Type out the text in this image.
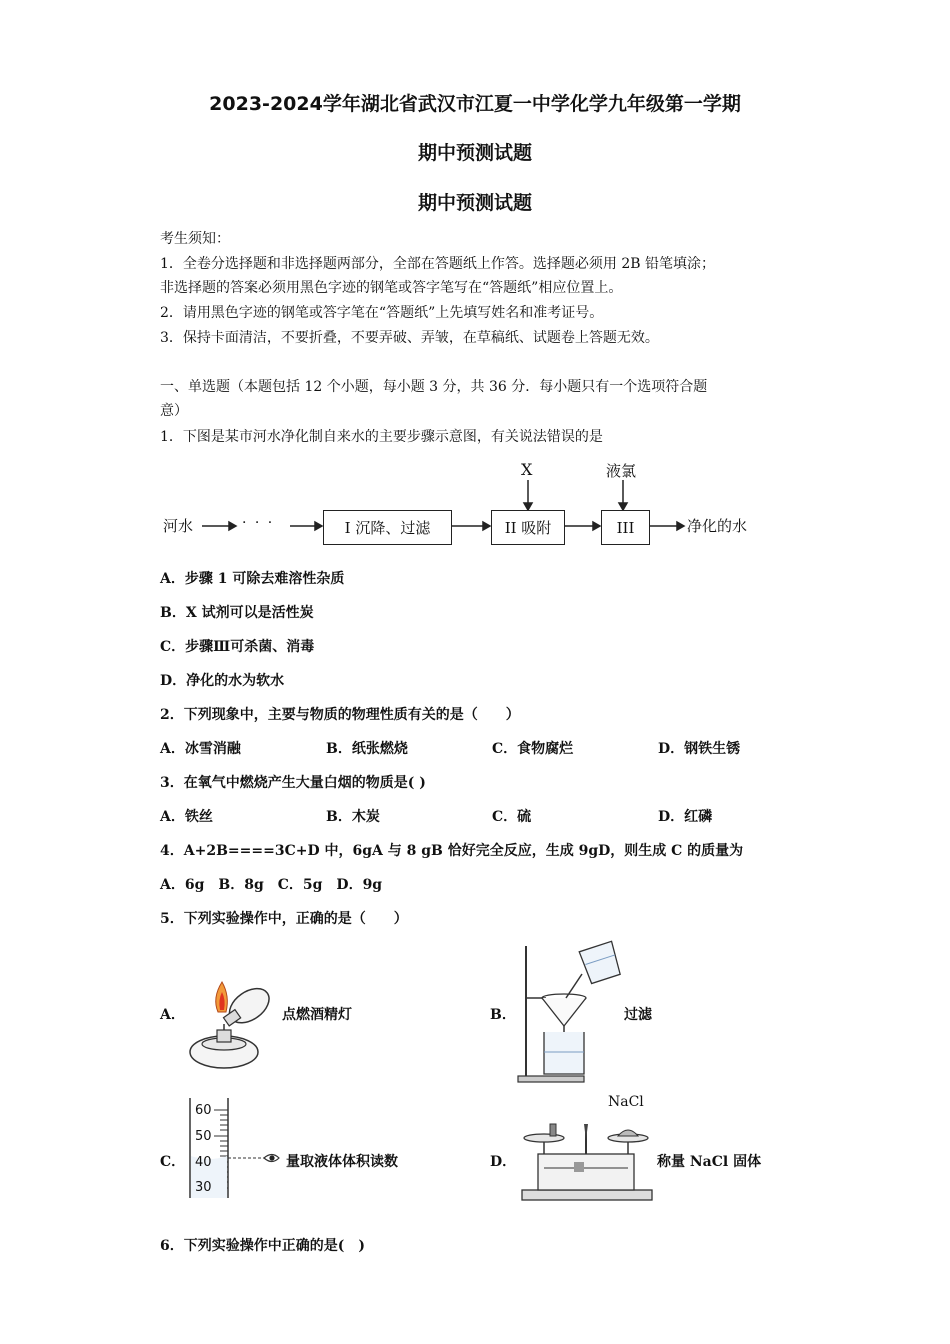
2023-2024学年湖北省武汉市江夏一中学化学九年级第一学期
期中预测试题
期中预测试题
考生须知：
1．全卷分选择题和非选择题两部分，全部在答题纸上作答。选择题必须用 2B 铅笔填涂；
非选择题的答案必须用黑色字迹的钢笔或答字笔写在“答题纸”相应位置上。
2．请用黑色字迹的钢笔或答字笔在“答题纸”上先填写姓名和准考证号。
3．保持卡面清洁，不要折叠，不要弄破、弄皱，在草稿纸、试题卷上答题无效。
一、单选题（本题包括 12 个小题，每小题 3 分，共 36 分．每小题只有一个选项符合题
意）
1．下图是某市河水净化制自来水的主要步骤示意图，有关说法错误的是
河水	· · ·	I 沉降、过滤	II 吸附	III
X	液氯
净化的水
A．步骤 1 可除去难溶性杂质
B．X 试剂可以是活性炭
C．步骤Ⅲ可杀菌、消毒
D．净化的水为软水
2．下列现象中，主要与物质的物理性质有关的是（　　）
A．冰雪消融	B．纸张燃烧	C．食物腐烂	D．钢铁生锈
3．在氧气中燃烧产生大量白烟的物质是( )
A．铁丝	B．木炭	C．硫	D．红磷
4．A+2B====3C+D 中，6gA 与 8 gB 恰好完全反应，生成 9gD，则生成 C 的质量为
A．6g　B．8g　C．5g　D．9g
5．下列实验操作中，正确的是（　　）
A．	点燃酒精灯	B．	过滤
C．
60
50
40
30
量取液体体积读数	D．
NaCl
称量 NaCl 固体
6．下列实验操作中正确的是(　)
